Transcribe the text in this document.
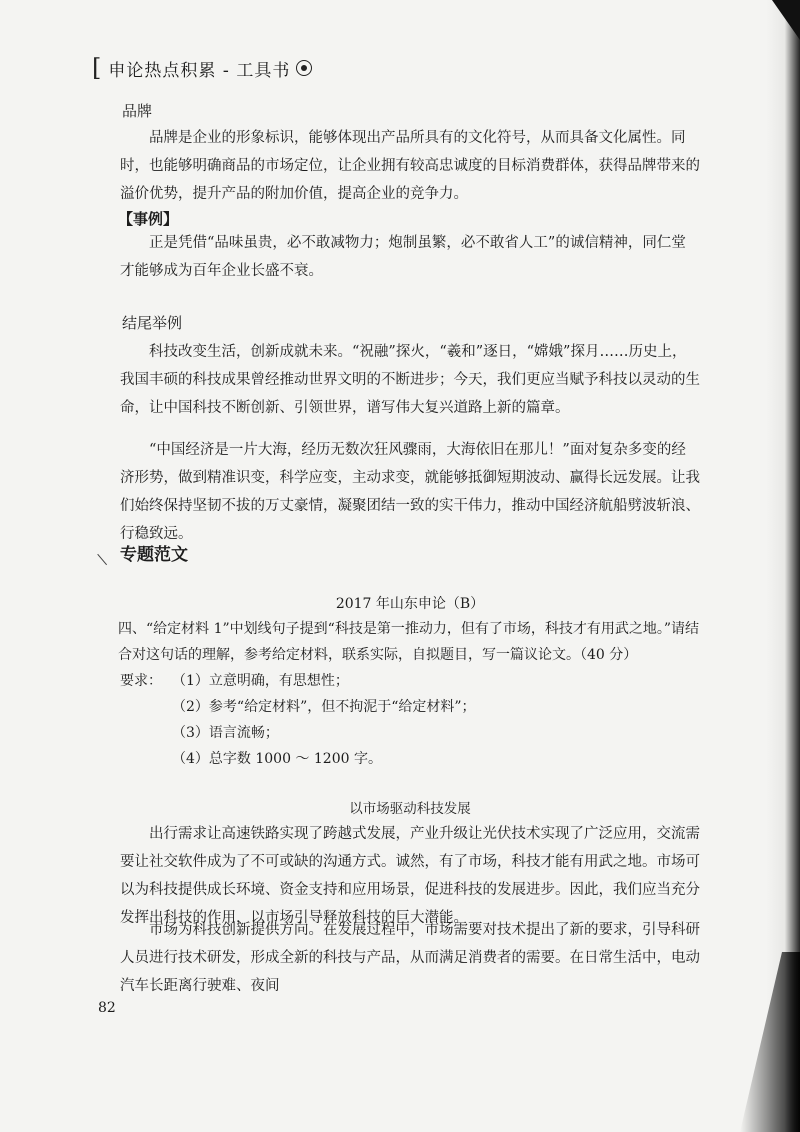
[ 申论热点积累 - 工具书
品牌

品牌是企业的形象标识，能够体现出产品所具有的文化符号，从而具备文化属性。同时，也能够明确商品的市场定位，让企业拥有较高忠诚度的目标消费群体，获得品牌带来的溢价优势，提升产品的附加价值，提高企业的竞争力。

【事例】

正是凭借“品味虽贵，必不敢减物力；炮制虽繁，必不敢省人工”的诚信精神，同仁堂才能够成为百年企业长盛不衰。

结尾举例

科技改变生活，创新成就未来。“祝融”探火，“羲和”逐日，“嫦娥”探月……历史上，我国丰硕的科技成果曾经推动世界文明的不断进步；今天，我们更应当赋予科技以灵动的生命，让中国科技不断创新、引领世界，谱写伟大复兴道路上新的篇章。

“中国经济是一片大海，经历无数次狂风骤雨，大海依旧在那儿！”面对复杂多变的经济形势，做到精准识变，科学应变，主动求变，就能够抵御短期波动、赢得长远发展。让我们始终保持坚韧不拔的万丈豪情，凝聚团结一致的实干伟力，推动中国经济航船劈波斩浪、行稳致远。

专题范文
2017 年山东申论（B）

四、“给定材料 1”中划线句子提到“科技是第一推动力，但有了市场，科技才有用武之地。”请结合对这句话的理解，参考给定材料，联系实际，自拟题目，写一篇议论文。（40 分）

要求： （1）立意明确，有思想性；

（2）参考“给定材料”，但不拘泥于“给定材料”；

（3）语言流畅；

（4）总字数 1000 ～ 1200 字。

以市场驱动科技发展

出行需求让高速铁路实现了跨越式发展，产业升级让光伏技术实现了广泛应用，交流需要让社交软件成为了不可或缺的沟通方式。诚然，有了市场，科技才能有用武之地。市场可以为科技提供成长环境、资金支持和应用场景，促进科技的发展进步。因此，我们应当充分发挥出科技的作用，以市场引导释放科技的巨大潜能。

市场为科技创新提供方向。在发展过程中，市场需要对技术提出了新的要求，引导科研人员进行技术研发，形成全新的科技与产品，从而满足消费者的需要。在日常生活中，电动汽车长距离行驶难、夜间

82
